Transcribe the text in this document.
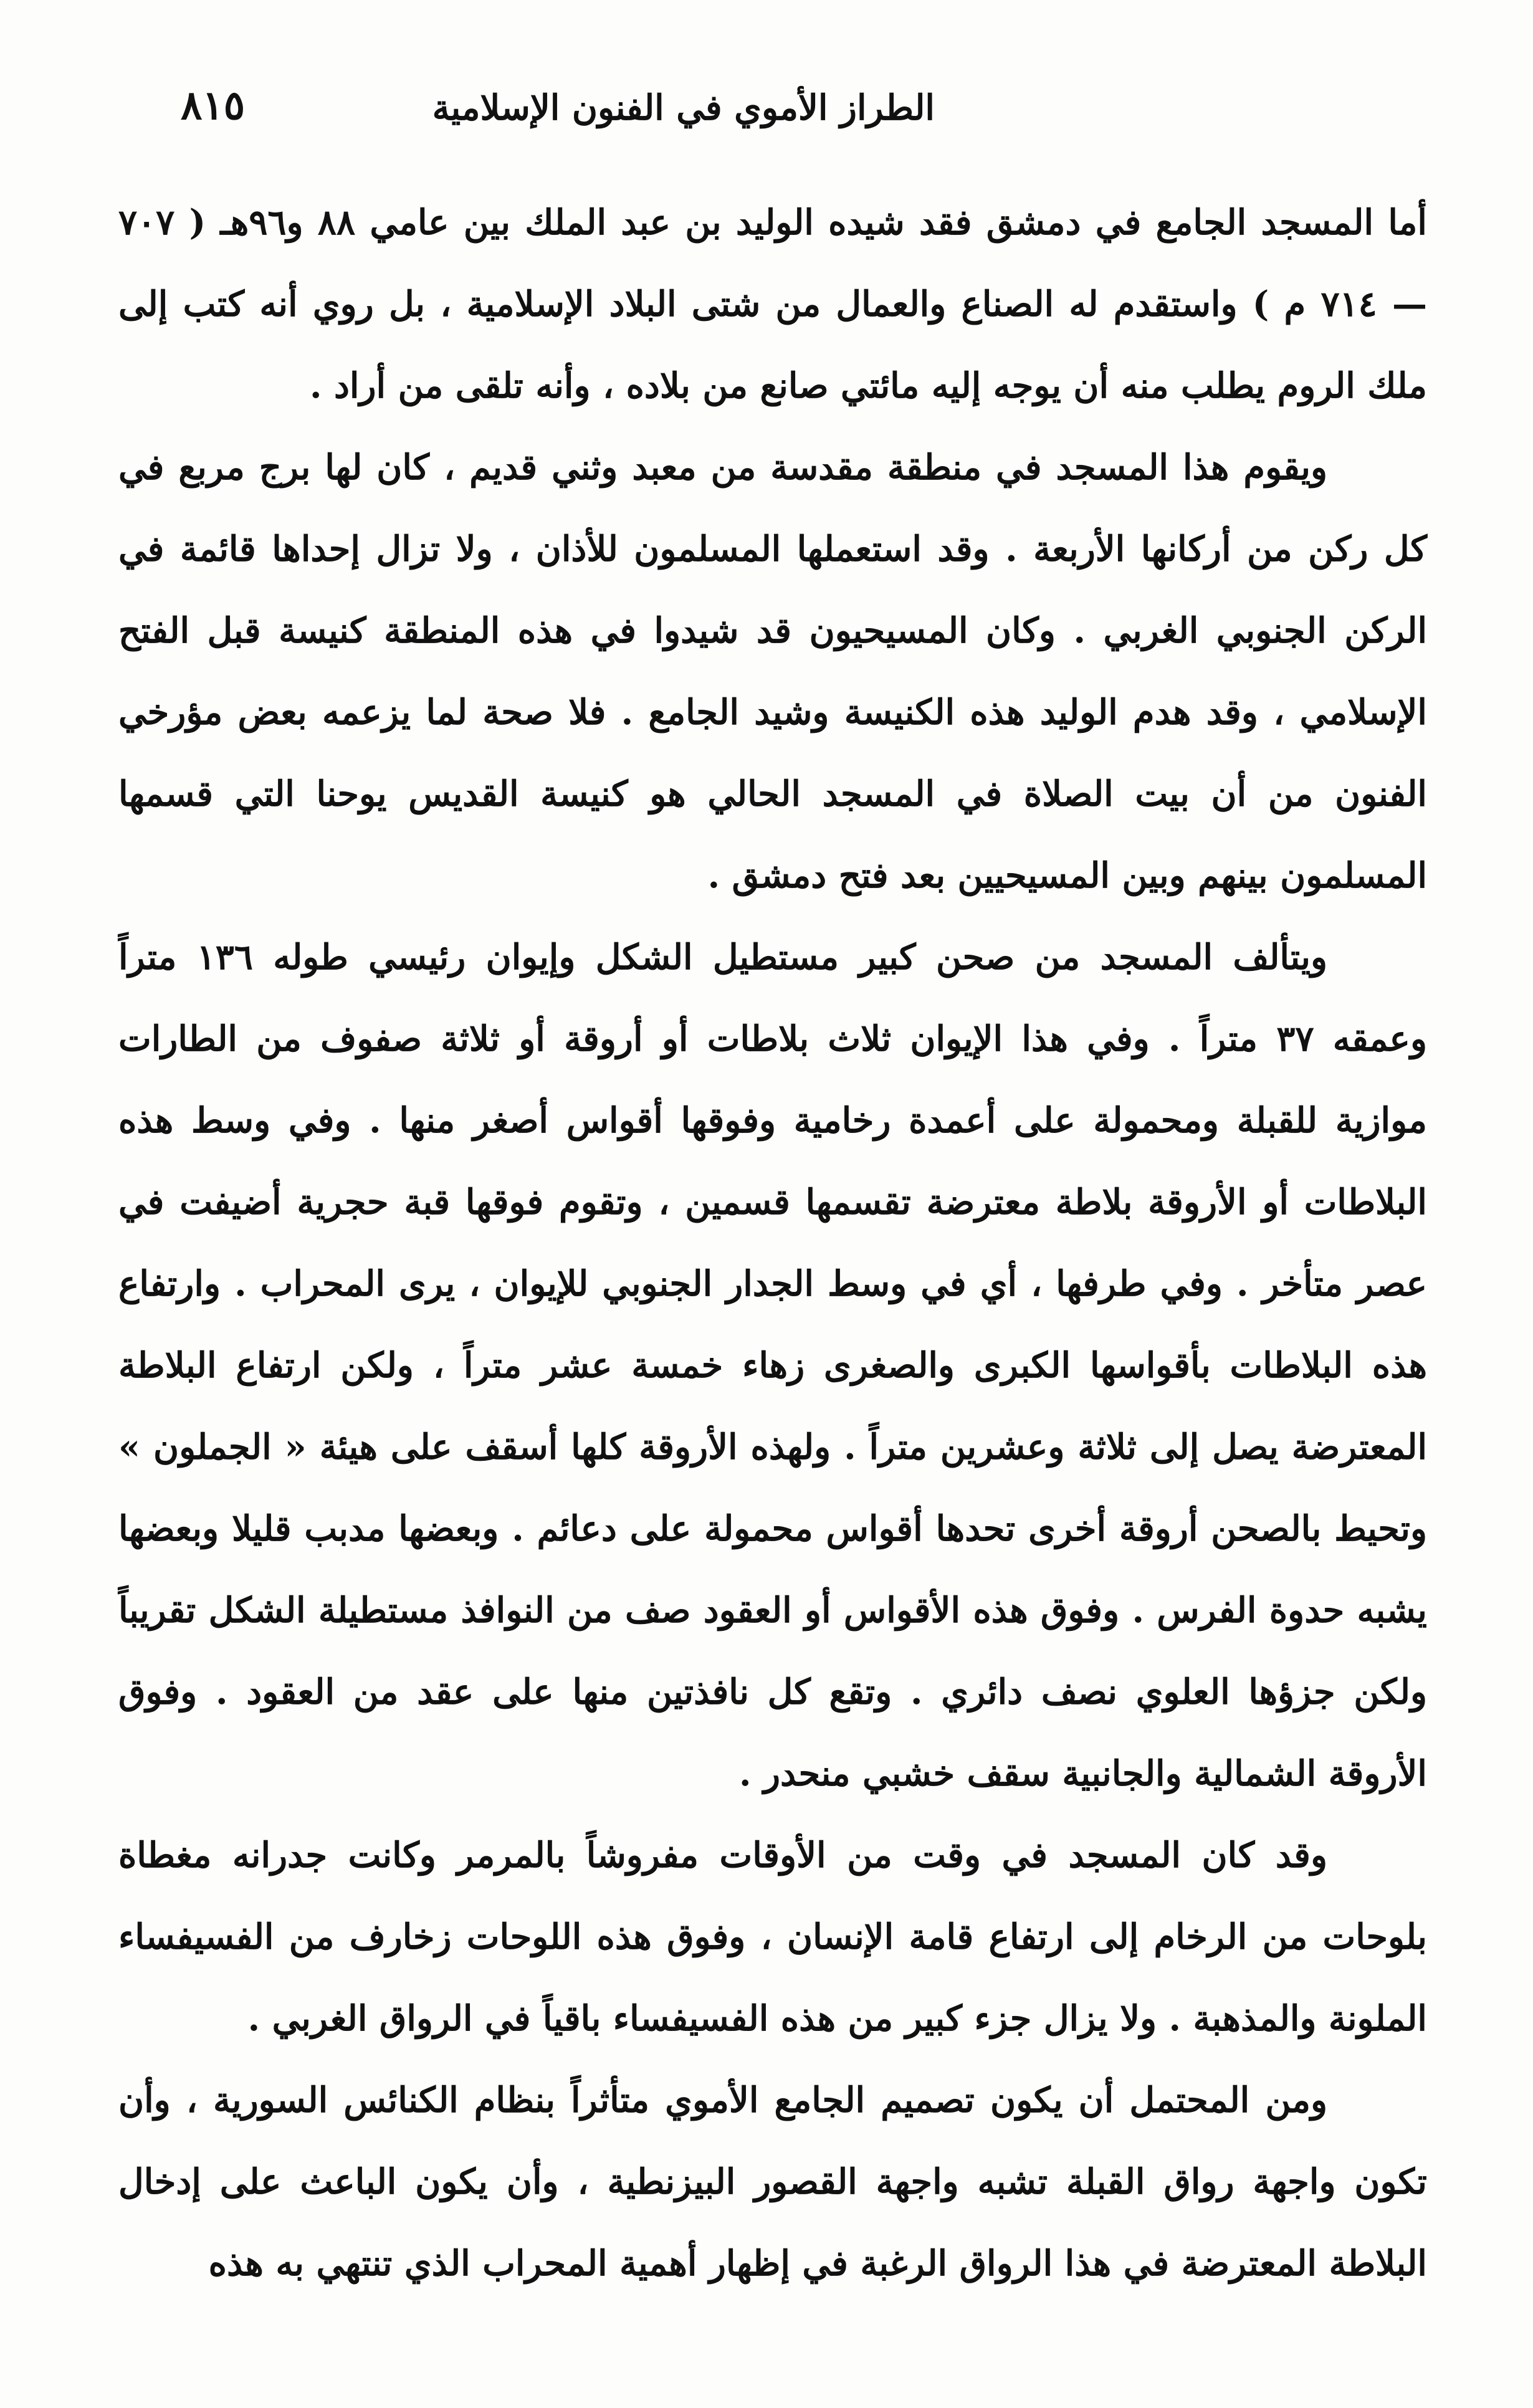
الطراز الأموي في الفنون الإسلامية
٨١٥

أما المسجد الجامع في دمشق فقد شيده الوليد بن عبد الملك بين عامي ٨٨ و٩٦هـ ( ٧٠٧ — ٧١٤ م ) واستقدم له الصناع والعمال من شتى البلاد الإسلامية ، بل روي أنه كتب إلى ملك الروم يطلب منه أن يوجه إليه مائتي صانع من بلاده ، وأنه تلقى من أراد .

ويقوم هذا المسجد في منطقة مقدسة من معبد وثني قديم ، كان لها برج مربع في كل ركن من أركانها الأربعة . وقد استعملها المسلمون للأذان ، ولا تزال إحداها قائمة في الركن الجنوبي الغربي . وكان المسيحيون قد شيدوا في هذه المنطقة كنيسة قبل الفتح الإسلامي ، وقد هدم الوليد هذه الكنيسة وشيد الجامع . فلا صحة لما يزعمه بعض مؤرخي الفنون من أن بيت الصلاة في المسجد الحالي هو كنيسة القديس يوحنا التي قسمها المسلمون بينهم وبين المسيحيين بعد فتح دمشق .

ويتألف المسجد من صحن كبير مستطيل الشكل وإيوان رئيسي طوله ١٣٦ متراً وعمقه ٣٧ متراً . وفي هذا الإيوان ثلاث بلاطات أو أروقة أو ثلاثة صفوف من الطارات موازية للقبلة ومحمولة على أعمدة رخامية وفوقها أقواس أصغر منها . وفي وسط هذه البلاطات أو الأروقة بلاطة معترضة تقسمها قسمين ، وتقوم فوقها قبة حجرية أضيفت في عصر متأخر . وفي طرفها ، أي في وسط الجدار الجنوبي للإيوان ، يرى المحراب . وارتفاع هذه البلاطات بأقواسها الكبرى والصغرى زهاء خمسة عشر متراً ، ولكن ارتفاع البلاطة المعترضة يصل إلى ثلاثة وعشرين متراً . ولهذه الأروقة كلها أسقف على هيئة « الجملون » وتحيط بالصحن أروقة أخرى تحدها أقواس محمولة على دعائم . وبعضها مدبب قليلا وبعضها يشبه حدوة الفرس . وفوق هذه الأقواس أو العقود صف من النوافذ مستطيلة الشكل تقريباً ولكن جزؤها العلوي نصف دائري . وتقع كل نافذتين منها على عقد من العقود . وفوق الأروقة الشمالية والجانبية سقف خشبي منحدر .

وقد كان المسجد في وقت من الأوقات مفروشاً بالمرمر وكانت جدرانه مغطاة بلوحات من الرخام إلى ارتفاع قامة الإنسان ، وفوق هذه اللوحات زخارف من الفسيفساء الملونة والمذهبة . ولا يزال جزء كبير من هذه الفسيفساء باقياً في الرواق الغربي .

ومن المحتمل أن يكون تصميم الجامع الأموي متأثراً بنظام الكنائس السورية ، وأن تكون واجهة رواق القبلة تشبه واجهة القصور البيزنطية ، وأن يكون الباعث على إدخال البلاطة المعترضة في هذا الرواق الرغبة في إظهار أهمية المحراب الذي تنتهي به هذه
